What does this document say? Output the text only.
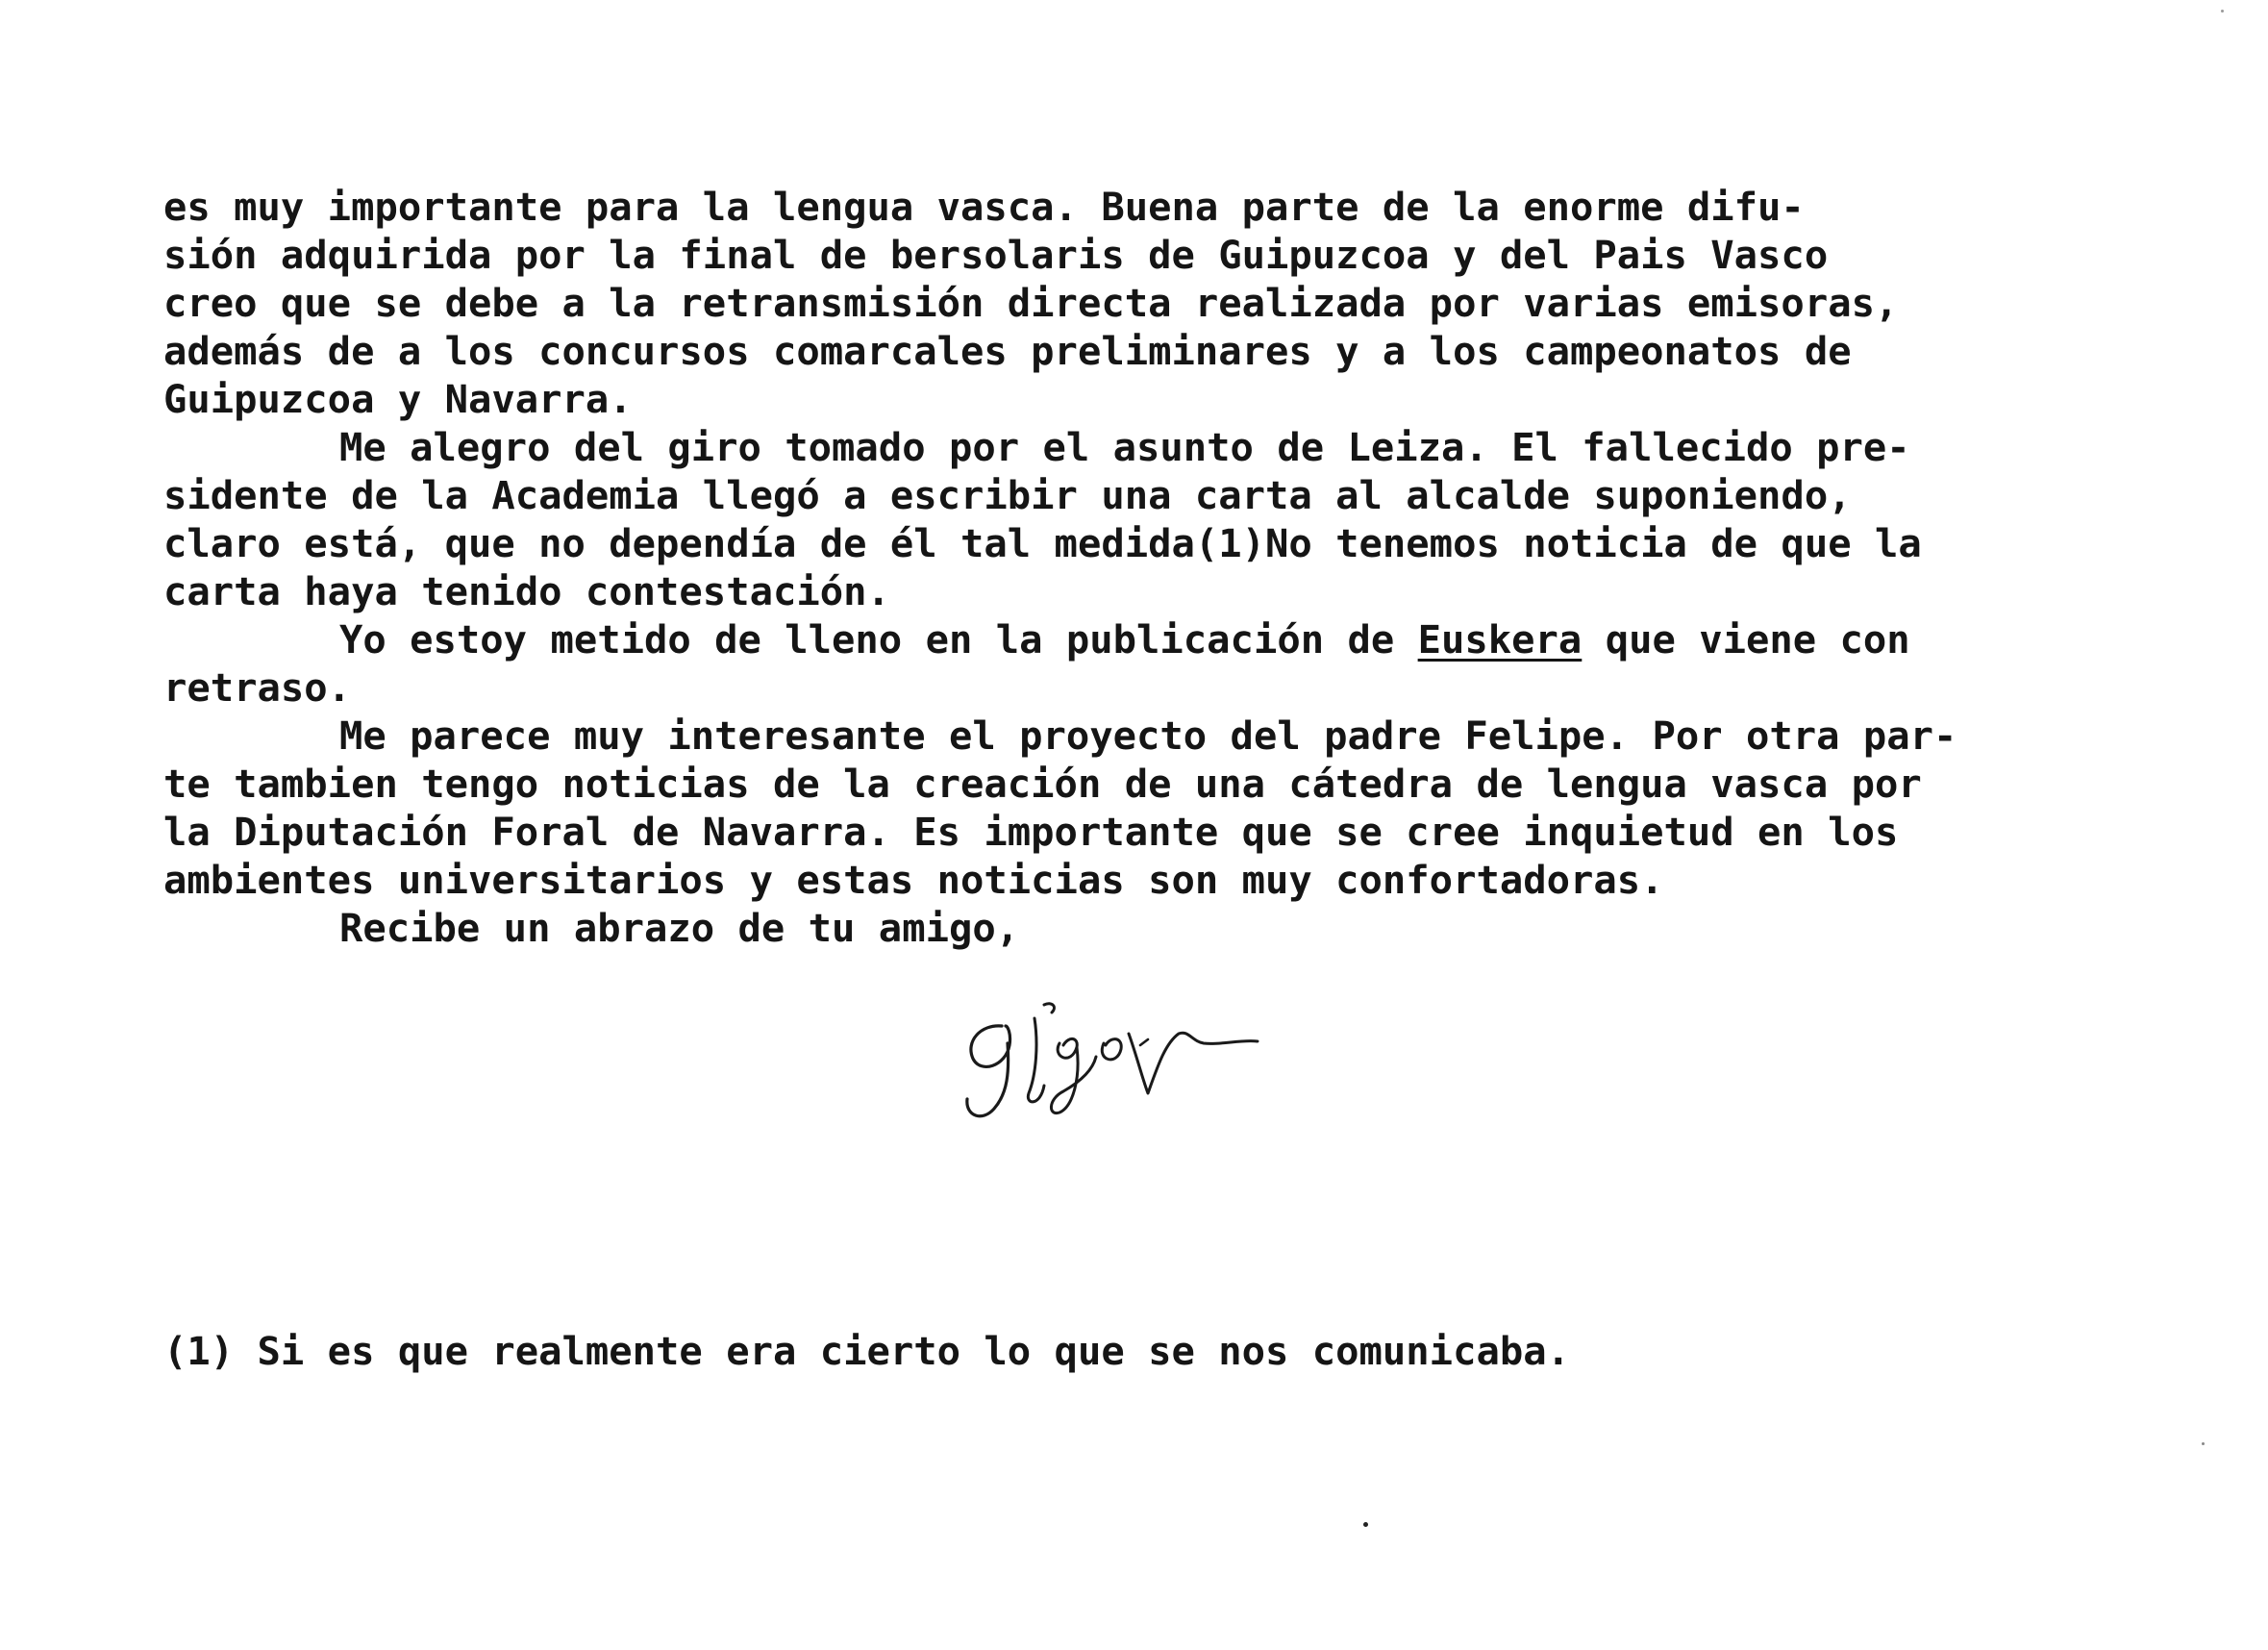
es muy importante para la lengua vasca. Buena parte de la enorme difu-
sión adquirida por la final de bersolaris de Guipuzcoa y del Pais Vasco
creo que se debe a la retransmisión directa realizada por varias emisoras,
además de a los concursos comarcales preliminares y a los campeonatos de
Guipuzcoa y Navarra.
Me alegro del giro tomado por el asunto de Leiza. El fallecido pre-
sidente de la Academia llegó a escribir una carta al alcalde suponiendo,
claro está, que no dependía de él tal medida(1)No tenemos noticia de que la
carta haya tenido contestación.
Yo estoy metido de lleno en la publicación de Euskera que viene con
retraso.
Me parece muy interesante el proyecto del padre Felipe. Por otra par-
te tambien tengo noticias de la creación de una cátedra de lengua vasca por
la Diputación Foral de Navarra. Es importante que se cree inquietud en los
ambientes universitarios y estas noticias son muy confortadoras.
Recibe un abrazo de tu amigo,
(1) Si es que realmente era cierto lo que se nos comunicaba.
